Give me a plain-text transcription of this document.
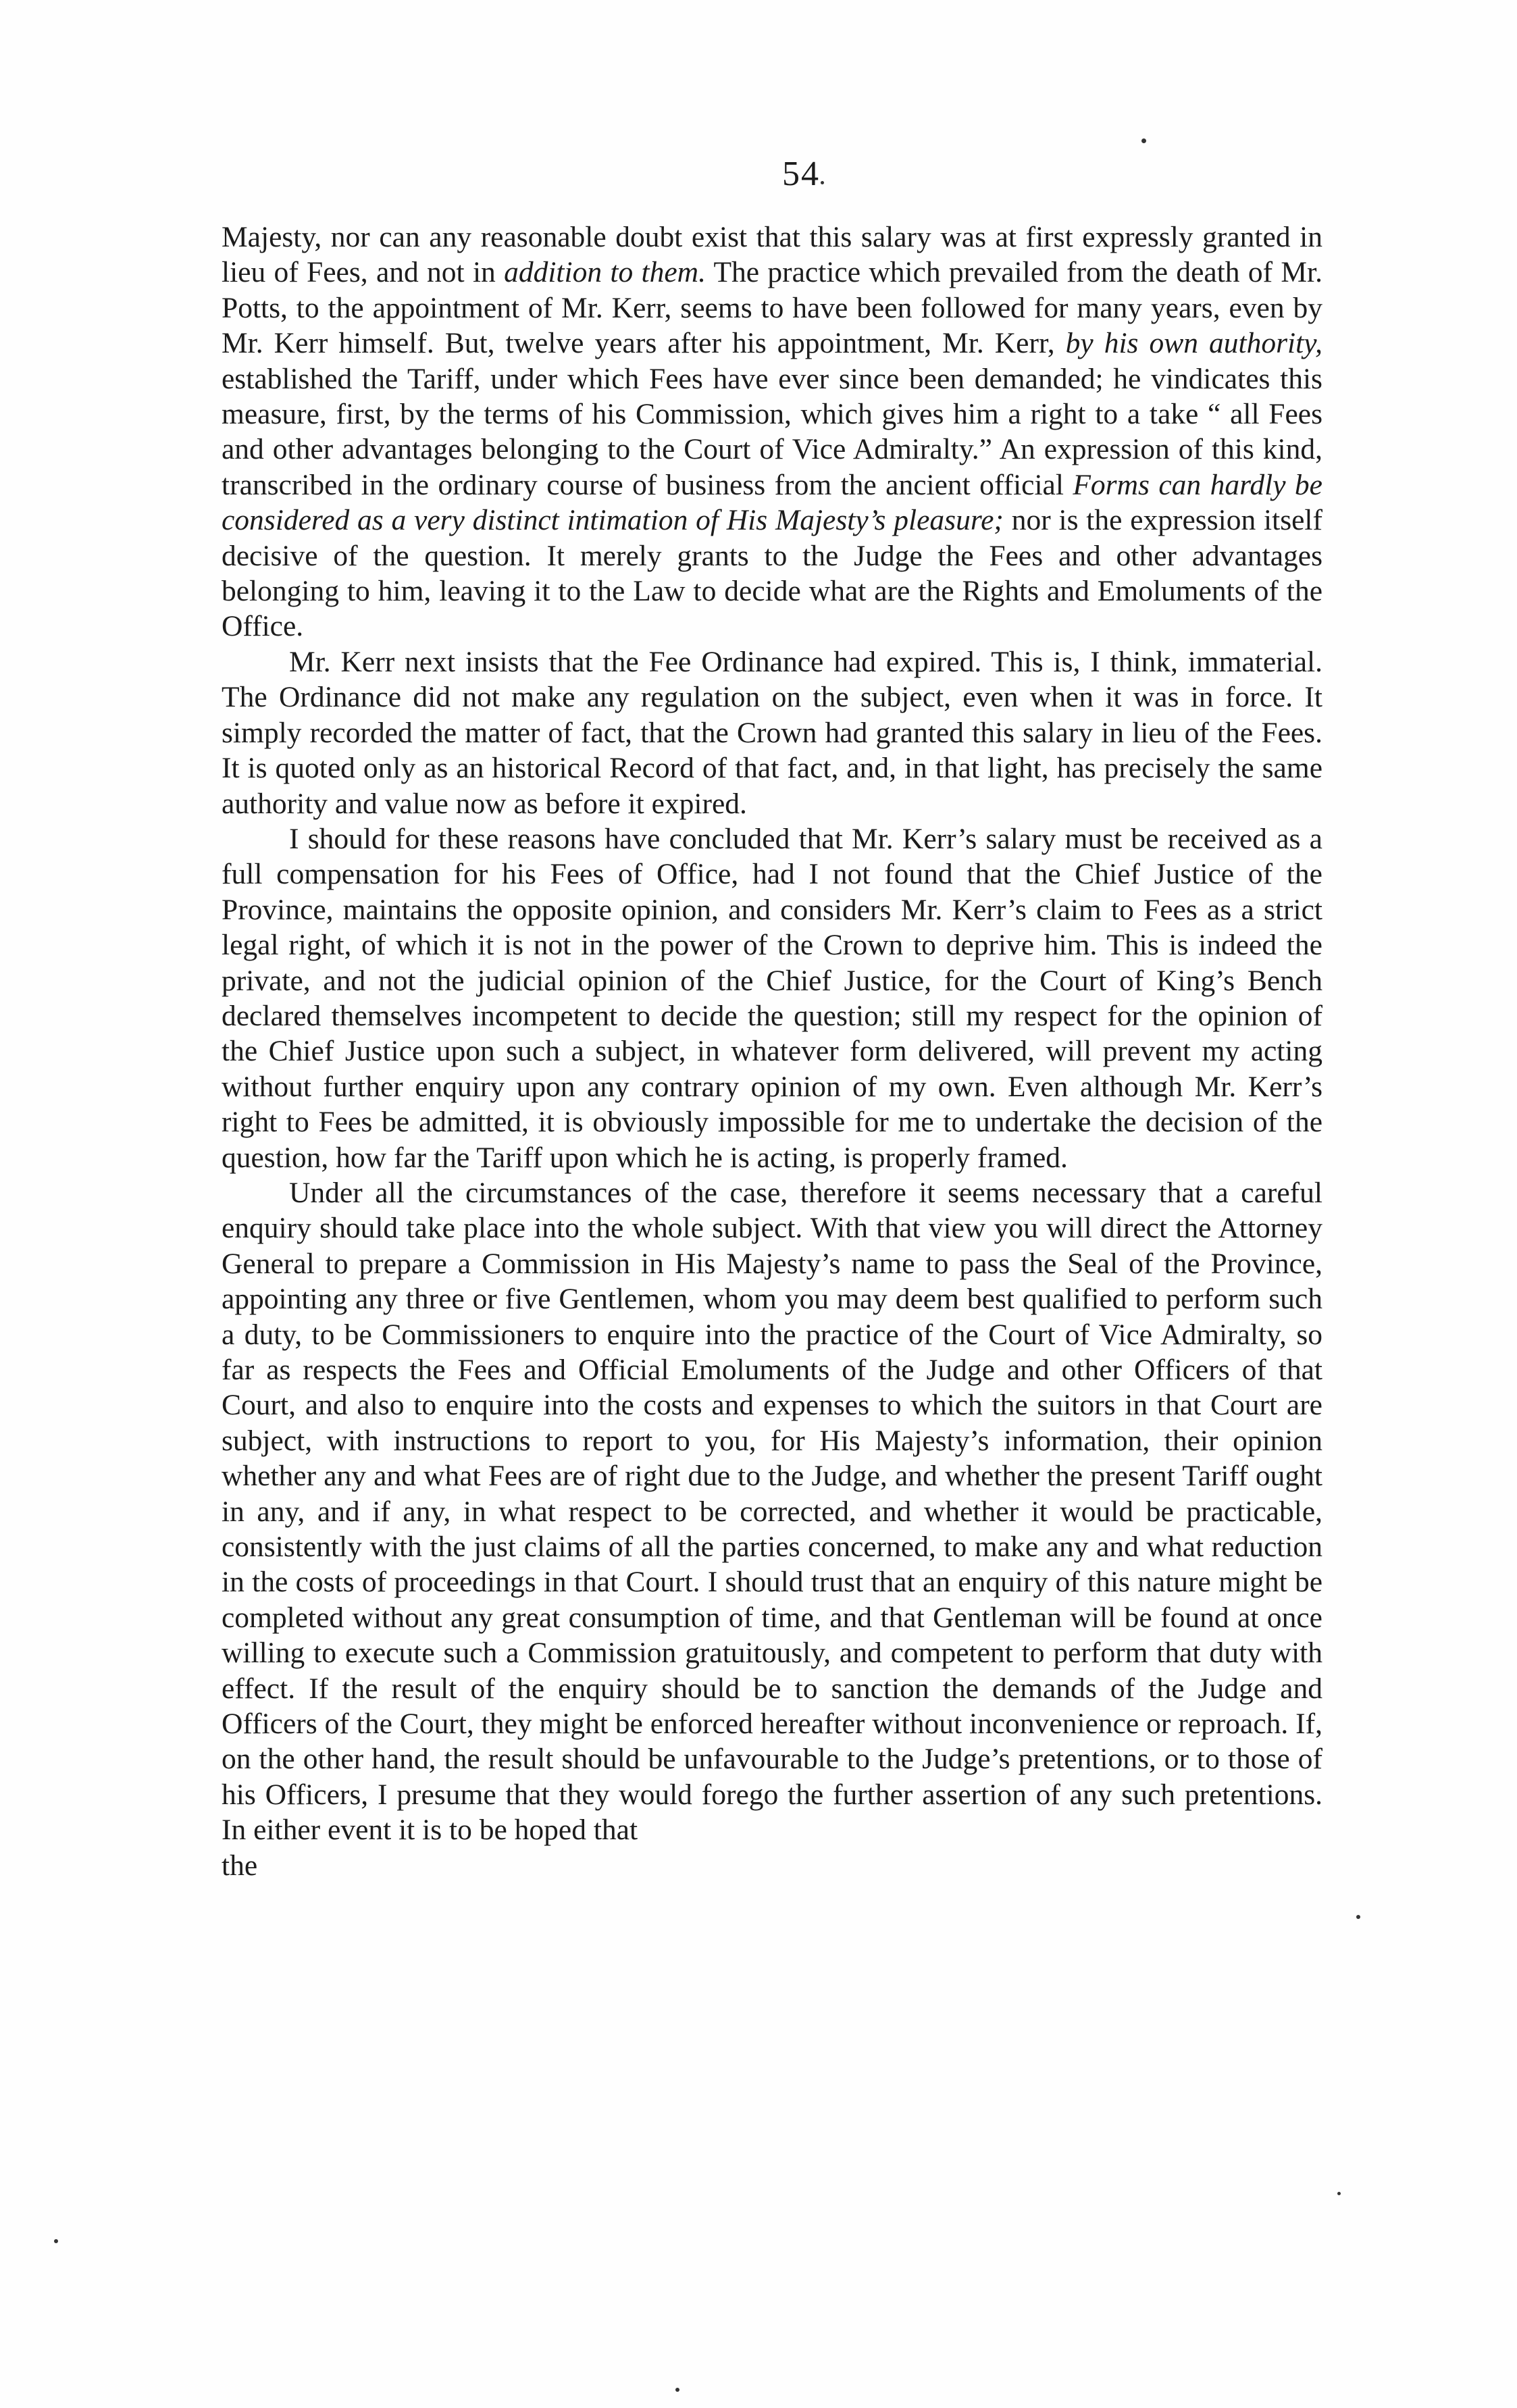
54

Majesty, nor can any reasonable doubt exist that this salary was at first expressly granted in lieu of Fees, and not in addition to them. The practice which prevailed from the death of Mr. Potts, to the appointment of Mr. Kerr, seems to have been followed for many years, even by Mr. Kerr himself. But, twelve years after his appointment, Mr. Kerr, by his own authority, established the Tariff, under which Fees have ever since been demanded; he vindicates this measure, first, by the terms of his Commission, which gives him a right to a take “ all Fees and other advantages belonging to the Court of Vice Admiralty.” An expression of this kind, transcribed in the ordinary course of business from the ancient official Forms can hardly be considered as a very distinct intimation of His Majesty’s pleasure; nor is the expression itself decisive of the question. It merely grants to the Judge the Fees and other advantages belonging to him, leaving it to the Law to decide what are the Rights and Emoluments of the Office.

Mr. Kerr next insists that the Fee Ordinance had expired. This is, I think, immaterial. The Ordinance did not make any regulation on the subject, even when it was in force. It simply recorded the matter of fact, that the Crown had granted this salary in lieu of the Fees. It is quoted only as an historical Record of that fact, and, in that light, has precisely the same authority and value now as before it expired.

I should for these reasons have concluded that Mr. Kerr’s salary must be received as a full compensation for his Fees of Office, had I not found that the Chief Justice of the Province, maintains the opposite opinion, and considers Mr. Kerr’s claim to Fees as a strict legal right, of which it is not in the power of the Crown to deprive him. This is indeed the private, and not the judicial opinion of the Chief Justice, for the Court of King’s Bench declared themselves incompetent to decide the question; still my respect for the opinion of the Chief Justice upon such a subject, in whatever form delivered, will prevent my acting without further enquiry upon any contrary opinion of my own. Even although Mr. Kerr’s right to Fees be admitted, it is obviously impossible for me to undertake the decision of the question, how far the Tariff upon which he is acting, is properly framed.

Under all the circumstances of the case, therefore it seems necessary that a careful enquiry should take place into the whole subject. With that view you will direct the Attorney General to prepare a Commission in His Majesty’s name to pass the Seal of the Province, appointing any three or five Gentlemen, whom you may deem best qualified to perform such a duty, to be Commissioners to enquire into the practice of the Court of Vice Admiralty, so far as respects the Fees and Official Emoluments of the Judge and other Officers of that Court, and also to enquire into the costs and expenses to which the suitors in that Court are subject, with instructions to report to you, for His Majesty’s information, their opinion whether any and what Fees are of right due to the Judge, and whether the present Tariff ought in any, and if any, in what respect to be corrected, and whether it would be practicable, consistently with the just claims of all the parties concerned, to make any and what reduction in the costs of proceedings in that Court. I should trust that an enquiry of this nature might be completed without any great consumption of time, and that Gentleman will be found at once willing to execute such a Commission gratuitously, and competent to perform that duty with effect. If the result of the enquiry should be to sanction the demands of the Judge and Officers of the Court, they might be enforced hereafter without inconvenience or reproach. If, on the other hand, the result should be unfavourable to the Judge’s pretentions, or to those of his Officers, I presume that they would forego the further assertion of any such pretentions. In either event it is to be hoped that

the
